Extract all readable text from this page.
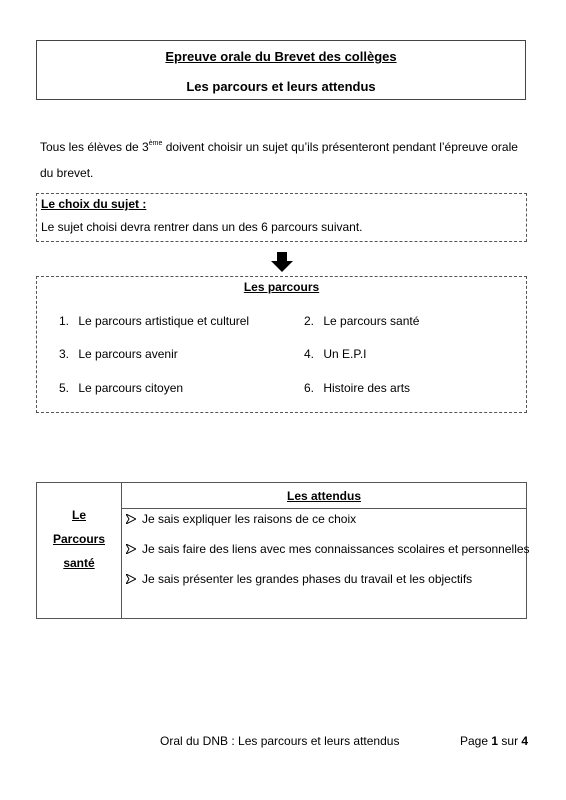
Epreuve orale du Brevet des collèges
Les parcours et leurs attendus
Tous les élèves de 3ème doivent choisir un sujet qu’ils présenteront pendant l’épreuve orale du brevet.
Le choix du sujet :
Le sujet choisi devra rentrer dans un des 6 parcours suivant.
Les parcours
1. Le parcours artistique et culturel	2. Le parcours santé
3. Le parcours avenir	4. Un E.P.I
5. Le parcours citoyen	6. Histoire des arts
Le
Parcours
santé
Les attendus
Je sais expliquer les raisons de ce choix
Je sais faire des liens avec mes connaissances scolaires et personnelles
Je sais présenter les grandes phases du travail et les objectifs
Oral du DNB : Les parcours et leurs attendus	Page 1 sur 4
